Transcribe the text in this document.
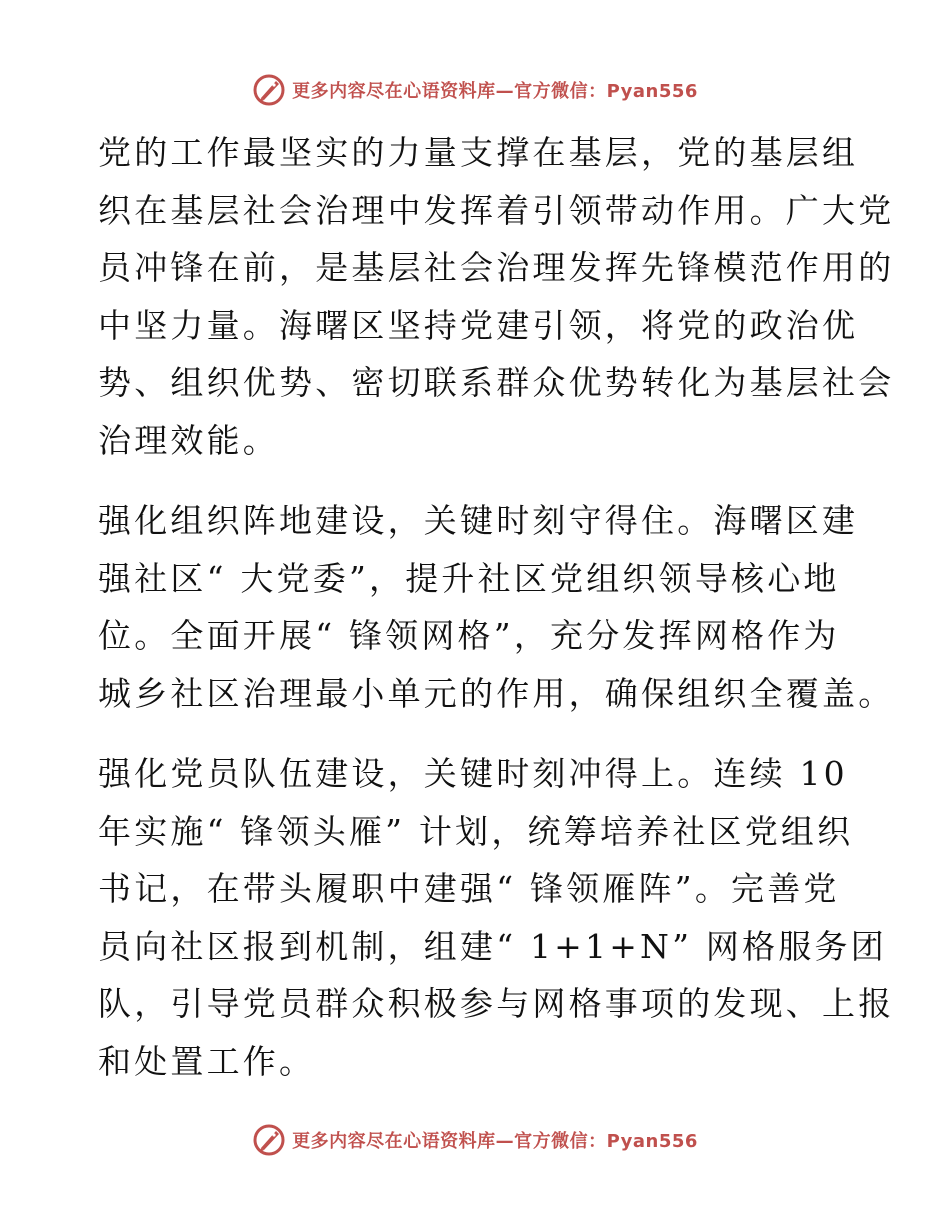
更多内容尽在心语资料库—官方微信：Pyan556

党的工作最坚实的力量支撑在基层，党的基层组
织在基层社会治理中发挥着引领带动作用。广大党
员冲锋在前，是基层社会治理发挥先锋模范作用的
中坚力量。海曙区坚持党建引领，将党的政治优
势、组织优势、密切联系群众优势转化为基层社会
治理效能。

强化组织阵地建设，关键时刻守得住。海曙区建
强社区“ 大党委”，提升社区党组织领导核心地
位。全面开展“ 锋领网格”，充分发挥网格作为
城乡社区治理最小单元的作用，确保组织全覆盖。

强化党员队伍建设，关键时刻冲得上。连续 10
年实施“ 锋领头雁” 计划，统筹培养社区党组织
书记，在带头履职中建强“ 锋领雁阵”。完善党
员向社区报到机制，组建“ 1+1+N” 网格服务团
队，引导党员群众积极参与网格事项的发现、上报
和处置工作。

更多内容尽在心语资料库—官方微信：Pyan556
